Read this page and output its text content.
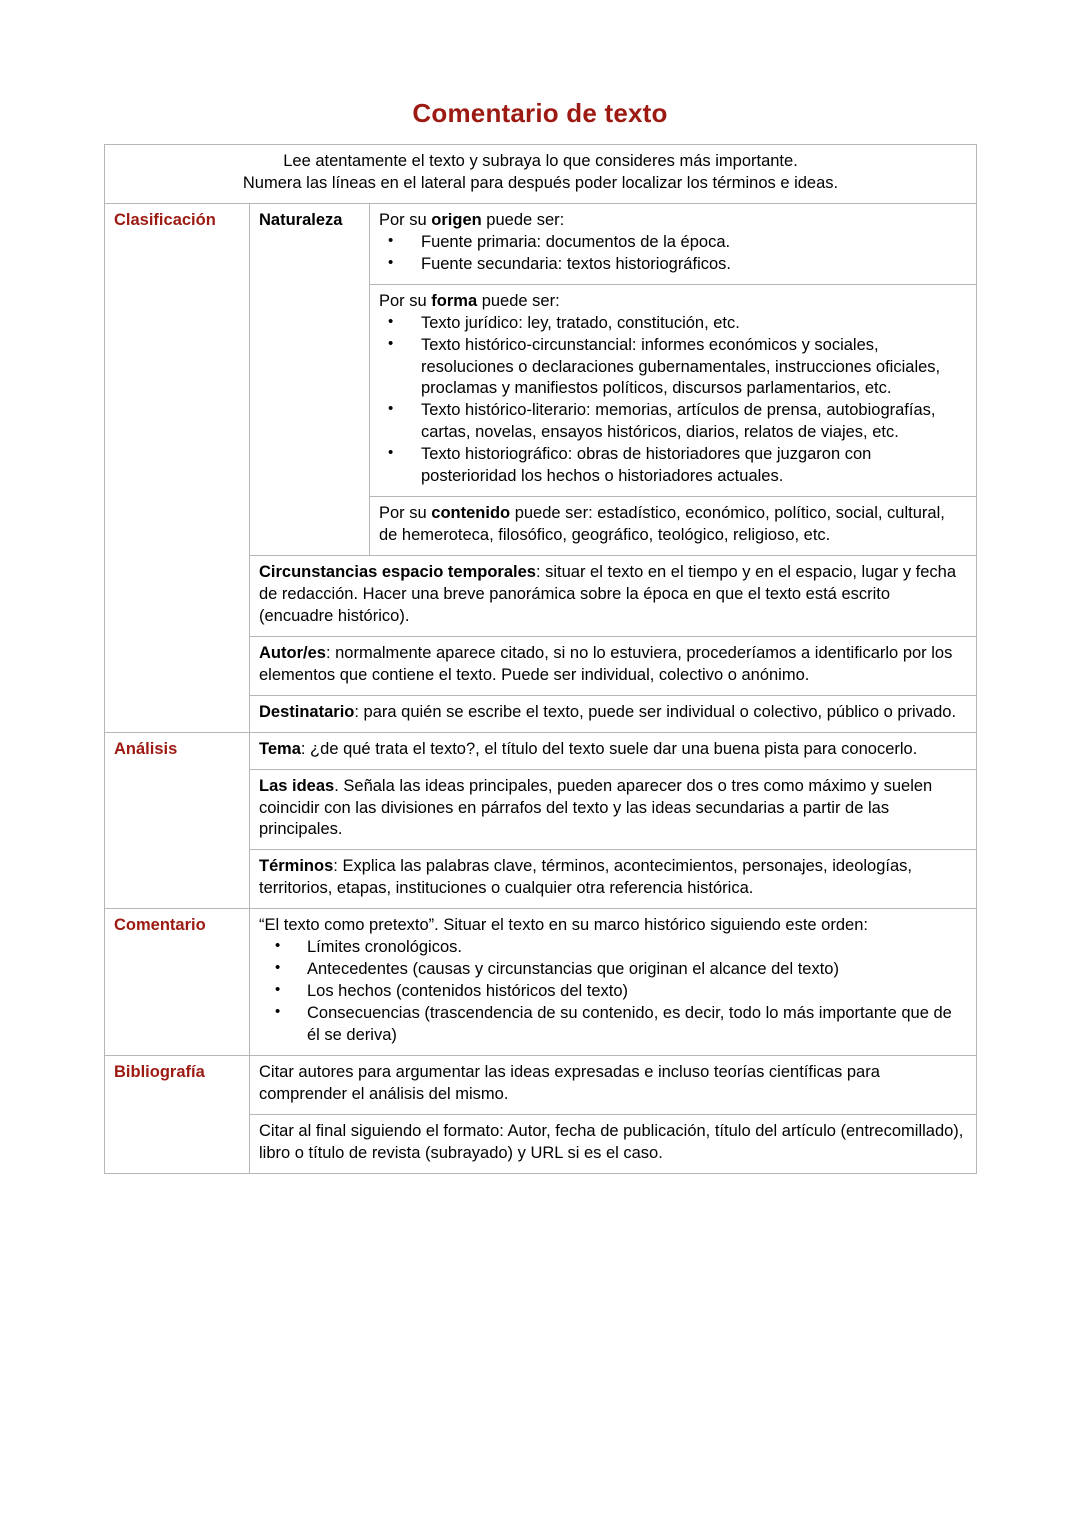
Comentario de texto
Lee atentamente el texto y subraya lo que consideres más importante.
Numera las líneas en el lateral para después poder localizar los términos e ideas.		

Clasificación	Naturaleza	Por su origen puede ser:

• Fuente primaria: documentos de la época.
• Fuente secundaria: textos historiográficos.

Por su forma puede ser:

• Texto jurídico: ley, tratado, constitución, etc.
• Texto histórico-circunstancial: informes económicos y sociales, resoluciones o declaraciones gubernamentales, instrucciones oficiales, proclamas y manifiestos políticos, discursos parlamentarios, etc.
• Texto histórico-literario: memorias, artículos de prensa, autobiografías, cartas, novelas, ensayos históricos, diarios, relatos de viajes, etc.
• Texto historiográfico: obras de historiadores que juzgaron con posterioridad los hechos o historiadores actuales.

		Por su contenido puede ser: estadístico, económico, político, social, cultural, de hemeroteca, filosófico, geográfico, teológico, religioso, etc.

	Circunstancias espacio temporales: situar el texto en el tiempo y en el espacio, lugar y fecha de redacción. Hacer una breve panorámica sobre la época en que el texto está escrito (encuadre histórico).	

	Autor/es: normalmente aparece citado, si no lo estuviera, procederíamos a identificarlo por los elementos que contiene el texto. Puede ser individual, colectivo o anónimo.	

	Destinatario: para quién se escribe el texto, puede ser individual o colectivo, público o privado.	

Análisis	Tema: ¿de qué trata el texto?, el título del texto suele dar una buena pista para conocerlo.	

	Las ideas. Señala las ideas principales, pueden aparecer dos o tres como máximo y suelen coincidir con las divisiones en párrafos del texto y las ideas secundarias a partir de las principales.	

	Términos: Explica las palabras clave, términos, acontecimientos, personajes, ideologías, territorios, etapas, instituciones o cualquier otra referencia histórica.	

Comentario	“El texto como pretexto”. Situar el texto en su marco histórico siguiendo este orden:

• Límites cronológicos.
• Antecedentes (causas y circunstancias que originan el alcance del texto)
• Los hechos (contenidos históricos del texto)
• Consecuencias (trascendencia de su contenido, es decir, todo lo más importante que de él se deriva)

Bibliografía	Citar autores para argumentar las ideas expresadas e incluso teorías científicas para comprender el análisis del mismo.	

	Citar al final siguiendo el formato: Autor, fecha de publicación, título del artículo (entrecomillado), libro o título de revista (subrayado) y URL si es el caso.	
